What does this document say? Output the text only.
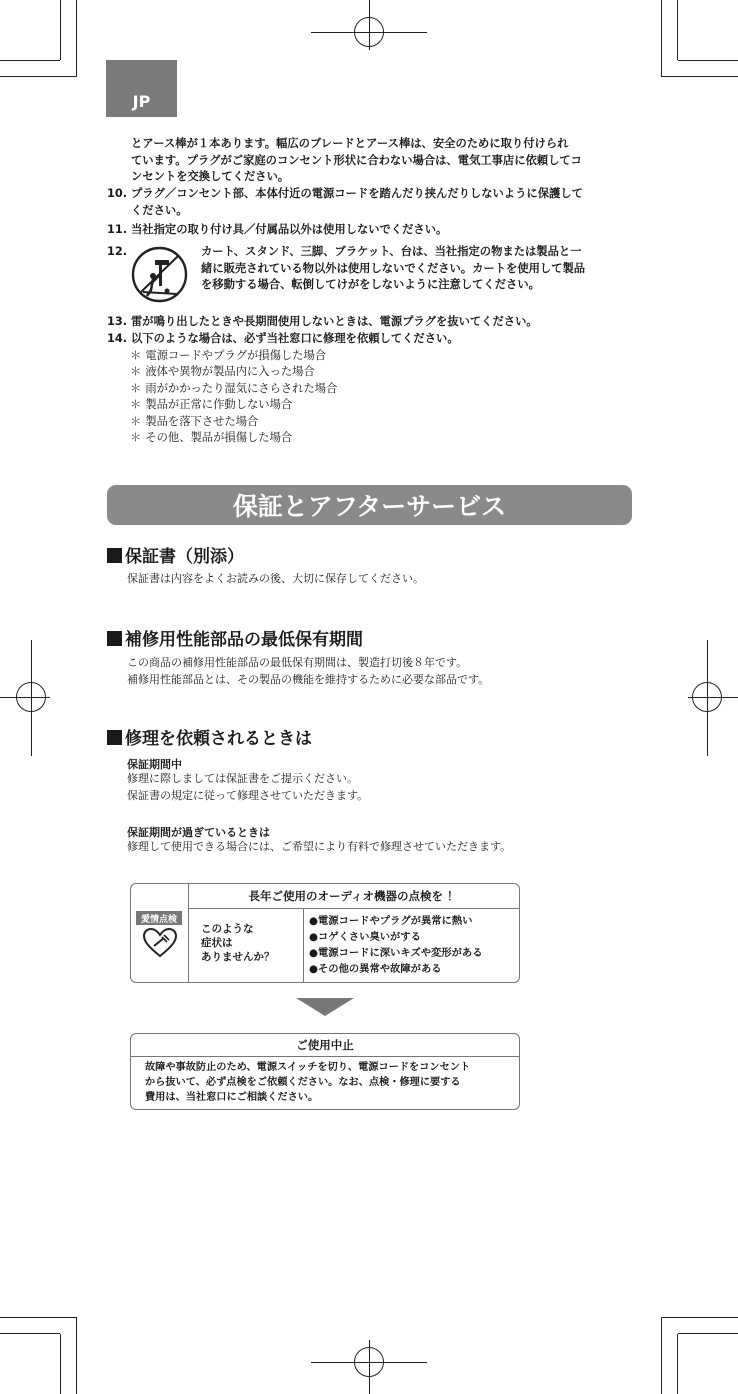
JP
とアース棒が１本あります。幅広のブレードとアース棒は、安全のために取り付けられ
ています。プラグがご家庭のコンセント形状に合わない場合は、電気工事店に依頼してコ
ンセントを交換してください。
10. プラグ／コンセント部、本体付近の電源コードを踏んだり挟んだりしないように保護して
ください。
11. 当社指定の取り付け具／付属品以外は使用しないでください。
12.	カート、スタンド、三脚、ブラケット、台は、当社指定の物または製品と一
緒に販売されている物以外は使用しないでください。カートを使用して製品
を移動する場合、転倒してけがをしないように注意してください。
13. 雷が鳴り出したときや長期間使用しないときは、電源プラグを抜いてください。
14. 以下のような場合は、必ず当社窓口に修理を依頼してください。
＊ 電源コードやプラグが損傷した場合
＊ 液体や異物が製品内に入った場合
＊ 雨がかかったり湿気にさらされた場合
＊ 製品が正常に作動しない場合
＊ 製品を落下させた場合
＊ その他、製品が損傷した場合
保証とアフターサービス
保証書（別添）
保証書は内容をよくお読みの後、大切に保存してください。
補修用性能部品の最低保有期間
この商品の補修用性能部品の最低保有期間は、製造打切後８年です。
補修用性能部品とは、その製品の機能を維持するために必要な部品です。
修理を依頼されるときは
保証期間中
修理に際しましては保証書をご提示ください。
保証書の規定に従って修理させていただきます。
保証期間が過ぎているときは
修理して使用できる場合には、ご希望により有料で修理させていただきます。
愛情点検
長年ご使用のオーディオ機器の点検を ！
このような
症状は
ありませんか？
●電源コードやプラグが異常に熱い
●コゲくさい臭いがする
●電源コードに深いキズや変形がある
●その他の異常や故障がある
ご使用中止
故障や事故防止のため、電源スイッチを切り、電源コードをコンセント
から抜いて、必ず点検をご依頼ください。なお、点検・修理に要する
費用は、当社窓口にご相談ください。
